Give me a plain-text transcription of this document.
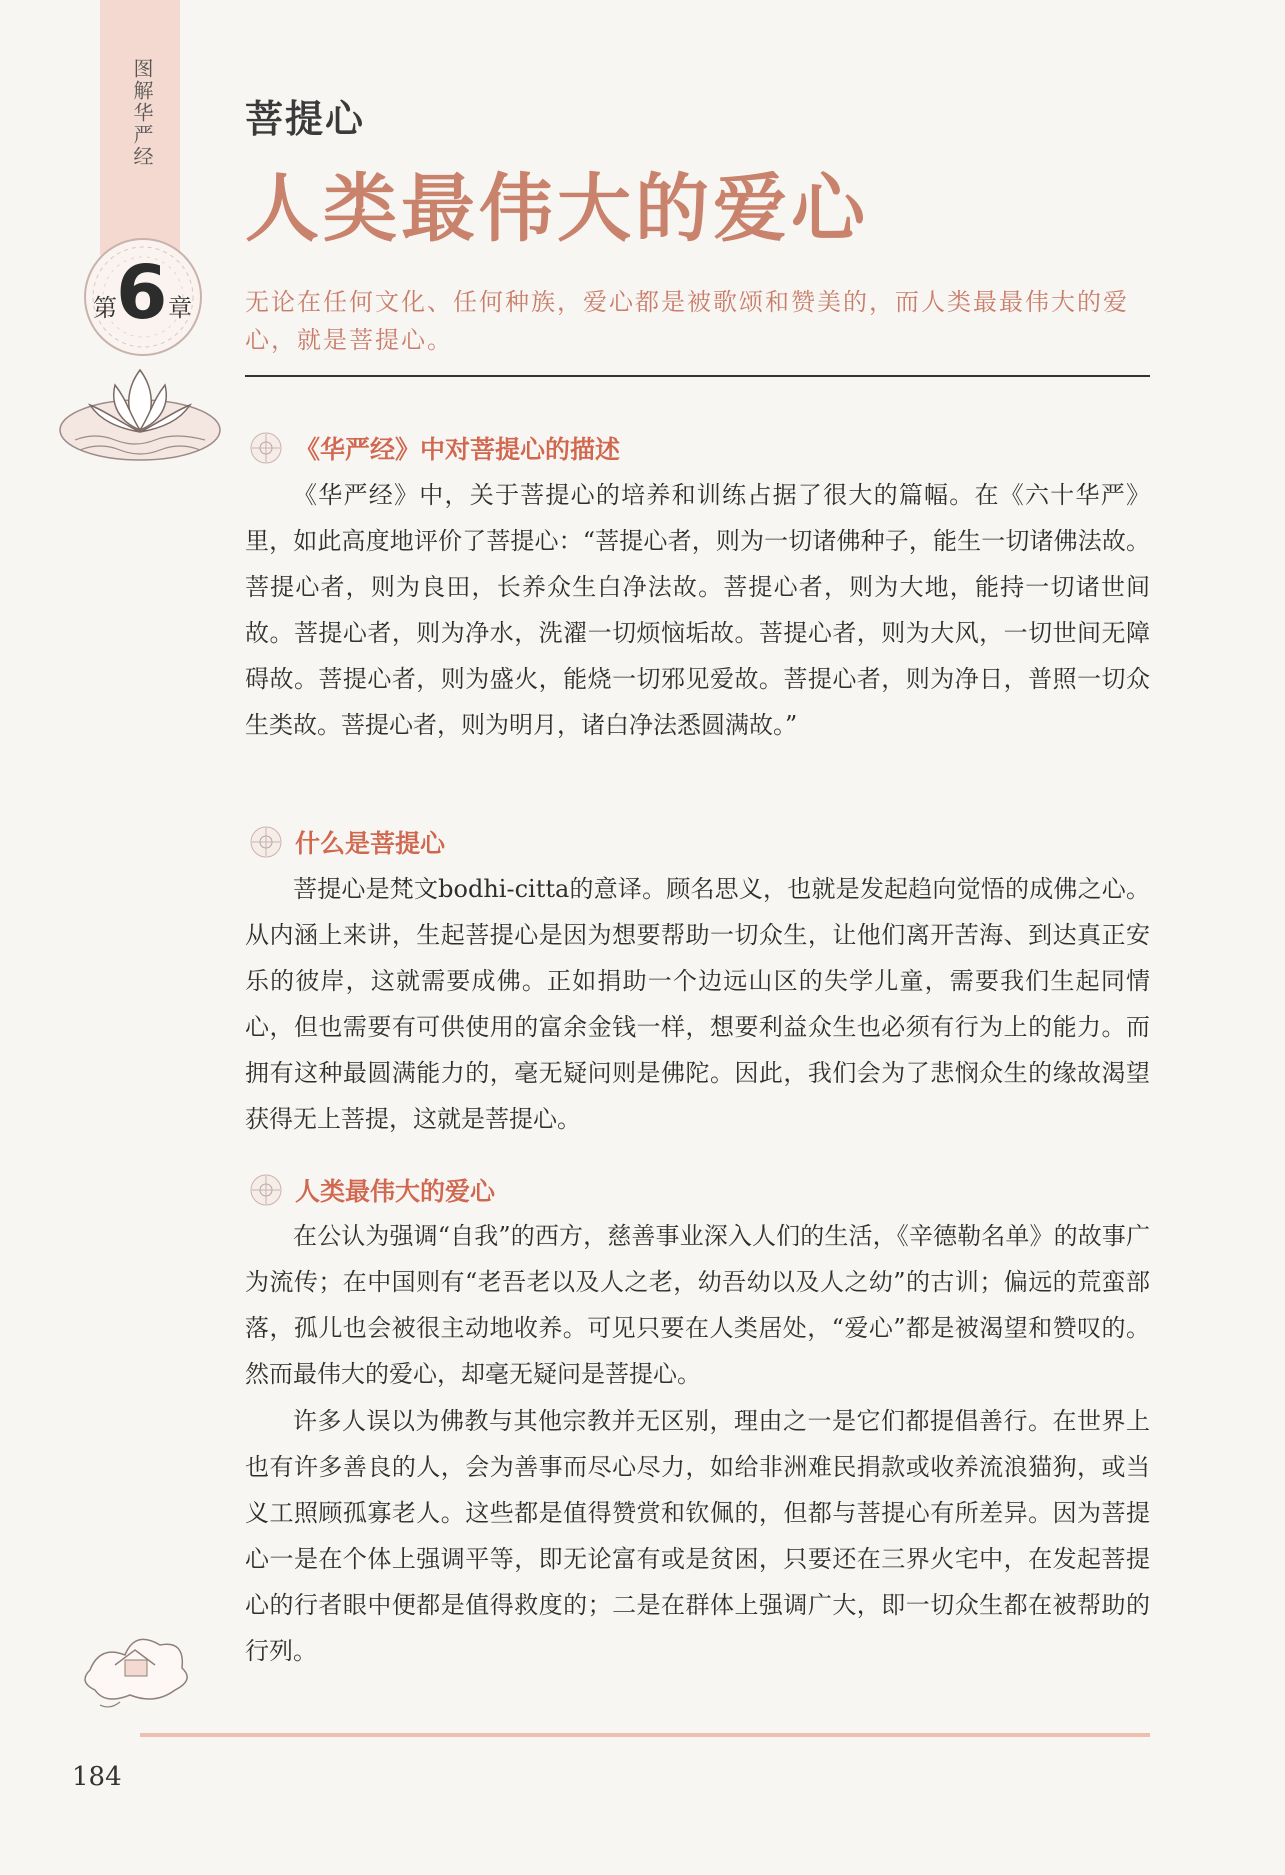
图解华严经
第 6 章
菩提心
人类最伟大的爱心
无论在任何文化、任何种族，爱心都是被歌颂和赞美的，而人类最最伟大的爱心，就是菩提心。
《华严经》中对菩提心的描述

《华严经》中，关于菩提心的培养和训练占据了很大的篇幅。在《六十华严》里，如此高度地评价了菩提心：“菩提心者，则为一切诸佛种子，能生一切诸佛法故。菩提心者，则为良田，长养众生白净法故。菩提心者，则为大地，能持一切诸世间故。菩提心者，则为净水，洗濯一切烦恼垢故。菩提心者，则为大风，一切世间无障碍故。菩提心者，则为盛火，能烧一切邪见爱故。菩提心者，则为净日，普照一切众生类故。菩提心者，则为明月，诸白净法悉圆满故。”

什么是菩提心

菩提心是梵文bodhi-citta的意译。顾名思义，也就是发起趋向觉悟的成佛之心。从内涵上来讲，生起菩提心是因为想要帮助一切众生，让他们离开苦海、到达真正安乐的彼岸，这就需要成佛。正如捐助一个边远山区的失学儿童，需要我们生起同情心，但也需要有可供使用的富余金钱一样，想要利益众生也必须有行为上的能力。而拥有这种最圆满能力的，毫无疑问则是佛陀。因此，我们会为了悲悯众生的缘故渴望获得无上菩提，这就是菩提心。

人类最伟大的爱心

在公认为强调“自我”的西方，慈善事业深入人们的生活，《辛德勒名单》的故事广为流传；在中国则有“老吾老以及人之老，幼吾幼以及人之幼”的古训；偏远的荒蛮部落，孤儿也会被很主动地收养。可见只要在人类居处，“爱心”都是被渴望和赞叹的。然而最伟大的爱心，却毫无疑问是菩提心。

许多人误以为佛教与其他宗教并无区别，理由之一是它们都提倡善行。在世界上也有许多善良的人，会为善事而尽心尽力，如给非洲难民捐款或收养流浪猫狗，或当义工照顾孤寡老人。这些都是值得赞赏和钦佩的，但都与菩提心有所差异。因为菩提心一是在个体上强调平等，即无论富有或是贫困，只要还在三界火宅中，在发起菩提心的行者眼中便都是值得救度的；二是在群体上强调广大，即一切众生都在被帮助的行列。

184
